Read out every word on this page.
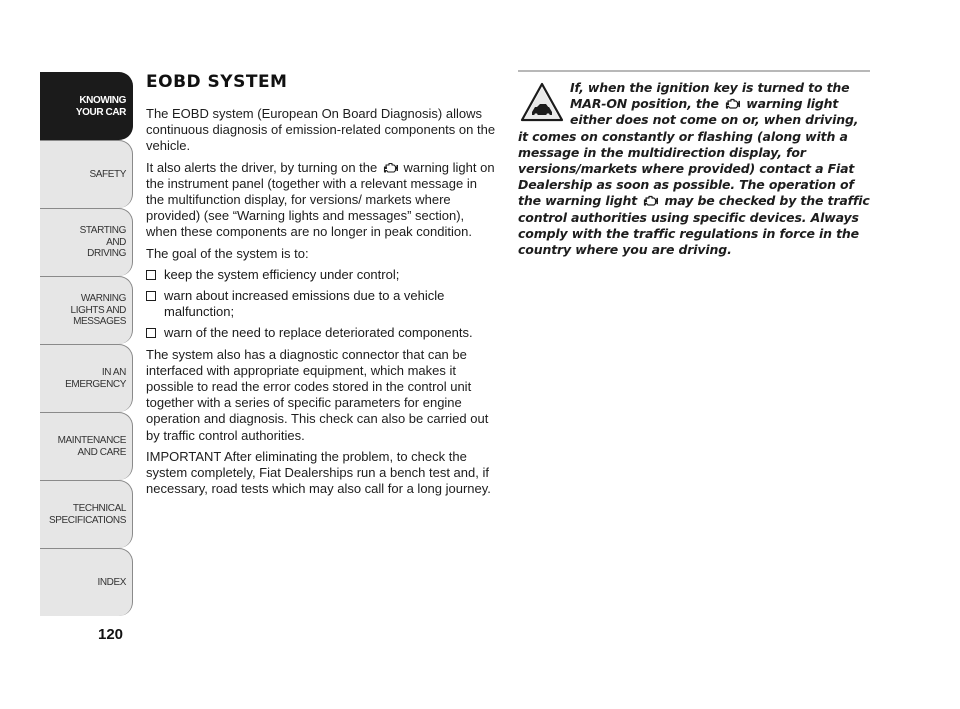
KNOWING
YOUR CAR
SAFETY
STARTING
AND
DRIVING
WARNING
LIGHTS AND
MESSAGES
IN AN
EMERGENCY
MAINTENANCE
AND CARE
TECHNICAL
SPECIFICATIONS
INDEX
120
EOBD SYSTEM

The EOBD system (European On Board Diagnosis) allows continuous diagnosis of emission-related components on the vehicle.

It also alerts the driver, by turning on the warning light on the instrument panel (together with a relevant message in the multifunction display, for versions/ markets where provided) (see “Warning lights and messages” section), when these components are no longer in peak condition.

The goal of the system is to:

keep the system efficiency under control;
warn about increased emissions due to a vehicle malfunction;
warn of the need to replace deteriorated components.

The system also has a diagnostic connector that can be interfaced with appropriate equipment, which makes it possible to read the error codes stored in the control unit together with a series of specific parameters for engine operation and diagnosis. This check can also be carried out by traffic control authorities.

IMPORTANT After eliminating the problem, to check the system completely, Fiat Dealerships run a bench test and, if necessary, road tests which may also call for a long journey.

If, when the ignition key is turned to the
MAR-ON position, the warning light
either does not come on or, when driving,
it comes on constantly or flashing (along with a message in the multidirection display, for versions/markets where provided) contact a Fiat Dealership as soon as possible. The operation of the warning light may be checked by the traffic control authorities using specific devices. Always comply with the traffic regulations in force in the country where you are driving.
